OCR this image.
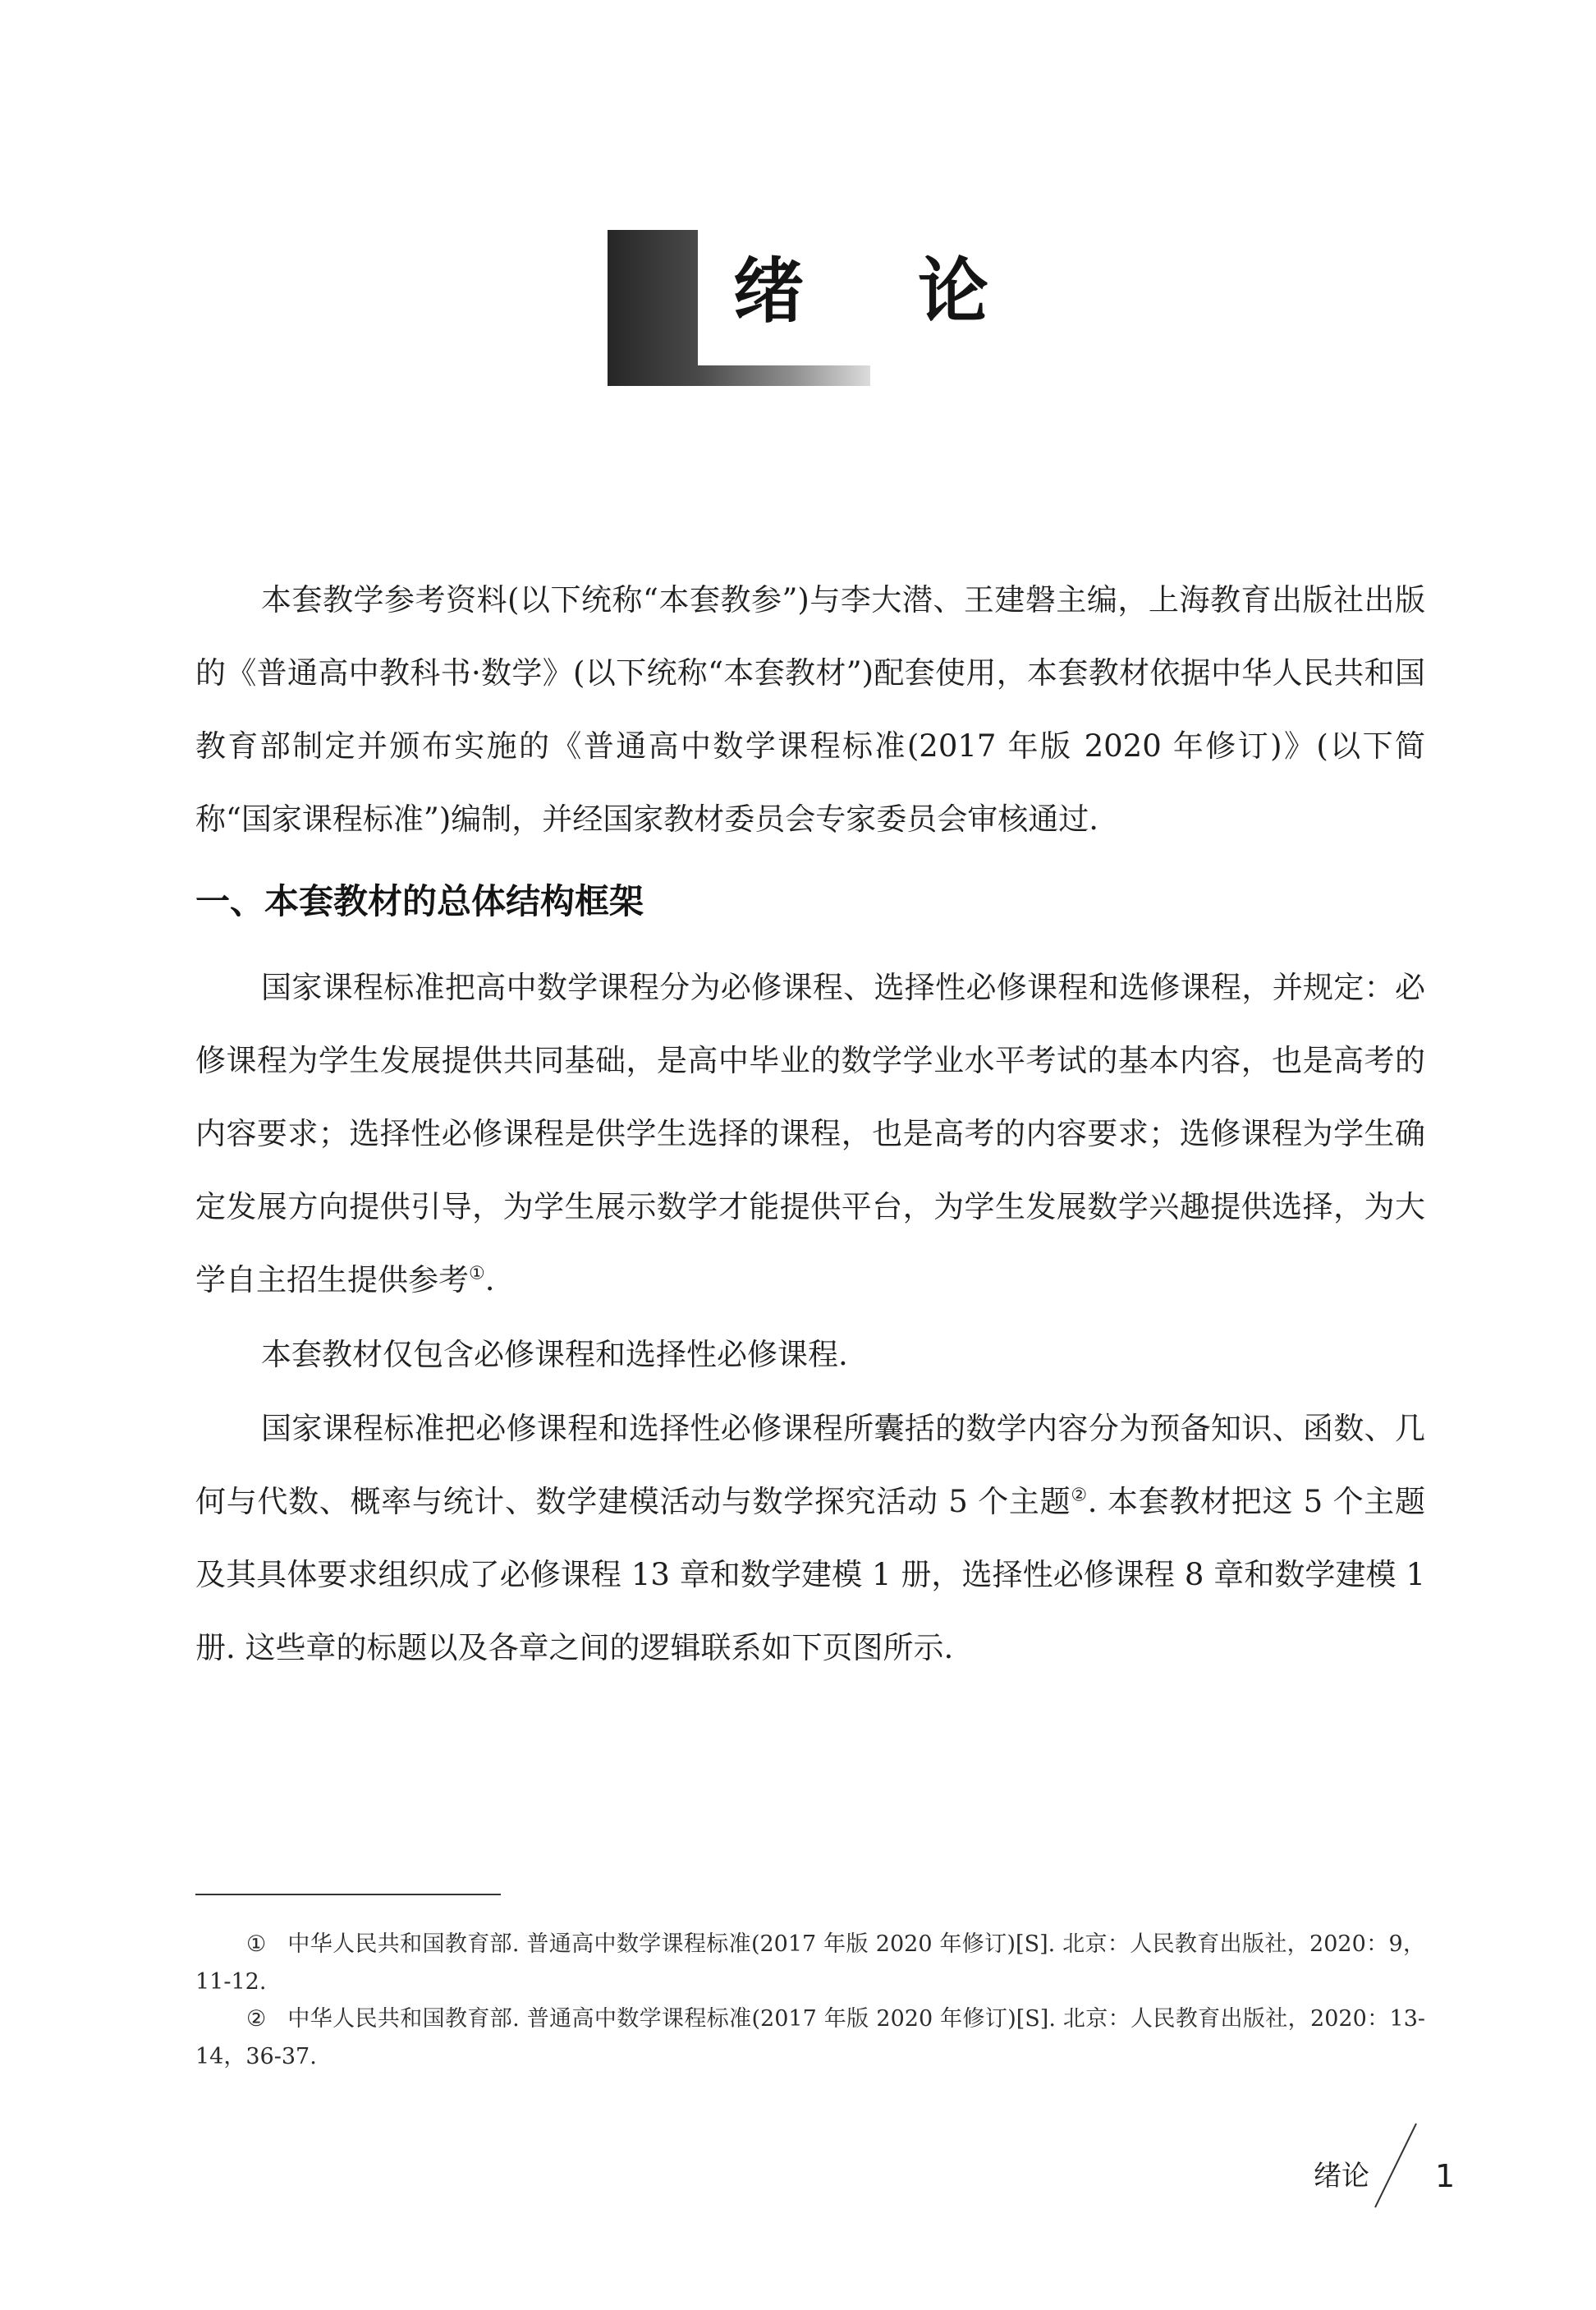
绪 论

本套教学参考资料(以下统称“本套教参”)与李大潜、王建磐主编，上海教育出版社出版的《普通高中教科书·数学》(以下统称“本套教材”)配套使用，本套教材依据中华人民共和国教育部制定并颁布实施的《普通高中数学课程标准(2017 年版 2020 年修订)》(以下简称“国家课程标准”)编制，并经国家教材委员会专家委员会审核通过.

一、本套教材的总体结构框架

国家课程标准把高中数学课程分为必修课程、选择性必修课程和选修课程，并规定：必修课程为学生发展提供共同基础，是高中毕业的数学学业水平考试的基本内容，也是高考的内容要求；选择性必修课程是供学生选择的课程，也是高考的内容要求；选修课程为学生确定发展方向提供引导，为学生展示数学才能提供平台，为学生发展数学兴趣提供选择，为大学自主招生提供参考①.

本套教材仅包含必修课程和选择性必修课程.

国家课程标准把必修课程和选择性必修课程所囊括的数学内容分为预备知识、函数、几何与代数、概率与统计、数学建模活动与数学探究活动 5 个主题②. 本套教材把这 5 个主题及其具体要求组织成了必修课程 13 章和数学建模 1 册，选择性必修课程 8 章和数学建模 1 册. 这些章的标题以及各章之间的逻辑联系如下页图所示.

① 中华人民共和国教育部. 普通高中数学课程标准(2017 年版 2020 年修订)[S]. 北京：人民教育出版社，2020：9，11-12.

② 中华人民共和国教育部. 普通高中数学课程标准(2017 年版 2020 年修订)[S]. 北京：人民教育出版社，2020：13-14，36-37.

绪论 1
